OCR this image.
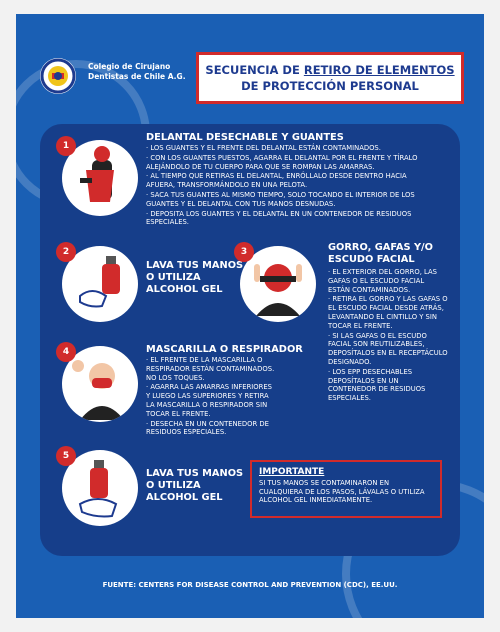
Colegio de Cirujano
Dentistas de Chile A.G. SECUENCIA DE RETIRO DE ELEMENTOS
DE PROTECCIÓN PERSONAL
1
DELANTAL DESECHABLE Y GUANTES
· LOS GUANTES Y EL FRENTE DEL DELANTAL ESTÁN CONTAMINADOS.
· CON LOS GUANTES PUESTOS, AGARRA EL DELANTAL POR EL FRENTE Y TÍRALO ALEJÁNDOLO DE TU CUERPO PARA QUE SE ROMPAN LAS AMARRAS.
· AL TIEMPO QUE RETIRAS EL DELANTAL, ENRÓLLALO DESDE DENTRO HACIA AFUERA, TRANSFORMÁNDOLO EN UNA PELOTA.
· SACA TUS GUANTES AL MISMO TIEMPO, SOLO TOCANDO EL INTERIOR DE LOS GUANTES Y EL DELANTAL CON TUS MANOS DESNUDAS.
· DEPOSITA LOS GUANTES Y EL DELANTAL EN UN CONTENEDOR DE RESIDUOS ESPECIALES.
2
LAVA TUS MANOS
O UTILIZA
ALCOHOL GEL
3	GORRO, GAFAS Y/O
ESCUDO FACIAL
· EL EXTERIOR DEL GORRO, LAS GAFAS O EL ESCUDO FACIAL ESTÁN CONTAMINADOS.
· RETIRA EL GORRO Y LAS GAFAS O EL ESCUDO FACIAL DESDE ATRÁS, LEVANTANDO EL CINTILLO Y SIN TOCAR EL FRENTE.
· SI LAS GAFAS O EL ESCUDO FACIAL SON REUTILIZABLES, DEPOSÍTALOS EN EL RECEPTÁCULO DESIGNADO.
· LOS EPP DESECHABLES DEPOSÍTALOS EN UN CONTENEDOR DE RESIDUOS ESPECIALES.
4	MASCARILLA O RESPIRADOR
· EL FRENTE DE LA MASCARILLA O RESPIRADOR ESTÁN CONTAMINADOS. NO LOS TOQUES.
· AGARRA LAS AMARRAS INFERIORES Y LUEGO LAS SUPERIORES Y RETIRA LA MASCARILLA O RESPIRADOR SIN TOCAR EL FRENTE.
· DESECHA EN UN CONTENEDOR DE RESIDUOS ESPECIALES.
5
LAVA TUS MANOS
O UTILIZA
ALCOHOL GEL
IMPORTANTE
SI TUS MANOS SE CONTAMINARON EN CUALQUIERA DE LOS PASOS, LÁVALAS O UTILIZA ALCOHOL GEL INMEDIATAMENTE.
FUENTE: CENTERS FOR DISEASE CONTROL AND PREVENTION (CDC), EE.UU.
